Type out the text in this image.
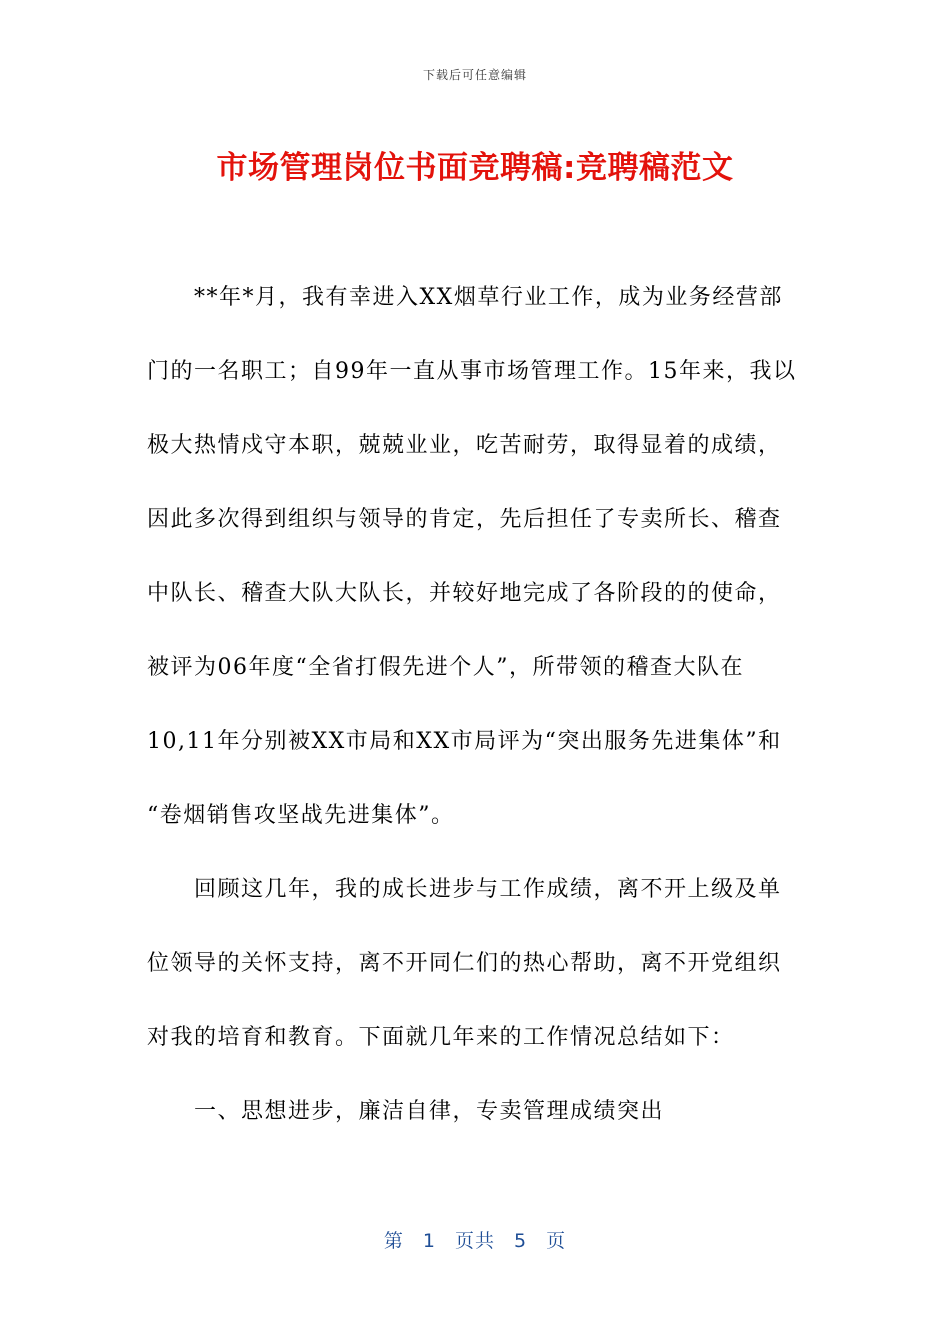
下载后可任意编辑
市场管理岗位书面竞聘稿:竞聘稿范文
**年*月，我有幸进入XX烟草行业工作，成为业务经营部
门的一名职工；自99年一直从事市场管理工作。15年来，我以
极大热情戍守本职，兢兢业业，吃苦耐劳，取得显着的成绩，
因此多次得到组织与领导的肯定，先后担任了专卖所长、稽查
中队长、稽查大队大队长，并较好地完成了各阶段的的使命，
被评为06年度“全省打假先进个人”，所带领的稽查大队在
10,11年分别被XX市局和XX市局评为“突出服务先进集体”和
“卷烟销售攻坚战先进集体”。
回顾这几年，我的成长进步与工作成绩，离不开上级及单
位领导的关怀支持，离不开同仁们的热心帮助，离不开党组织
对我的培育和教育。下面就几年来的工作情况总结如下：
一、思想进步，廉洁自律，专卖管理成绩突出
第 1 页共 5 页
